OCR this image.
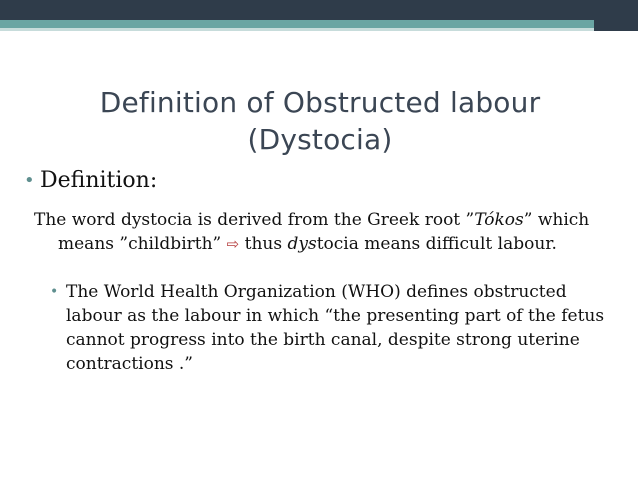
Definition of Obstructed labour
(Dystocia)

• Definition:

The word dystocia is derived from the Greek root ”Tókos” which means ”childbirth” ⇨ thus dystocia means difficult labour.

• The World Health Organization (WHO) defines obstructed labour as the labour in which “the presenting part of the fetus cannot progress into the birth canal, despite strong uterine contractions .”
